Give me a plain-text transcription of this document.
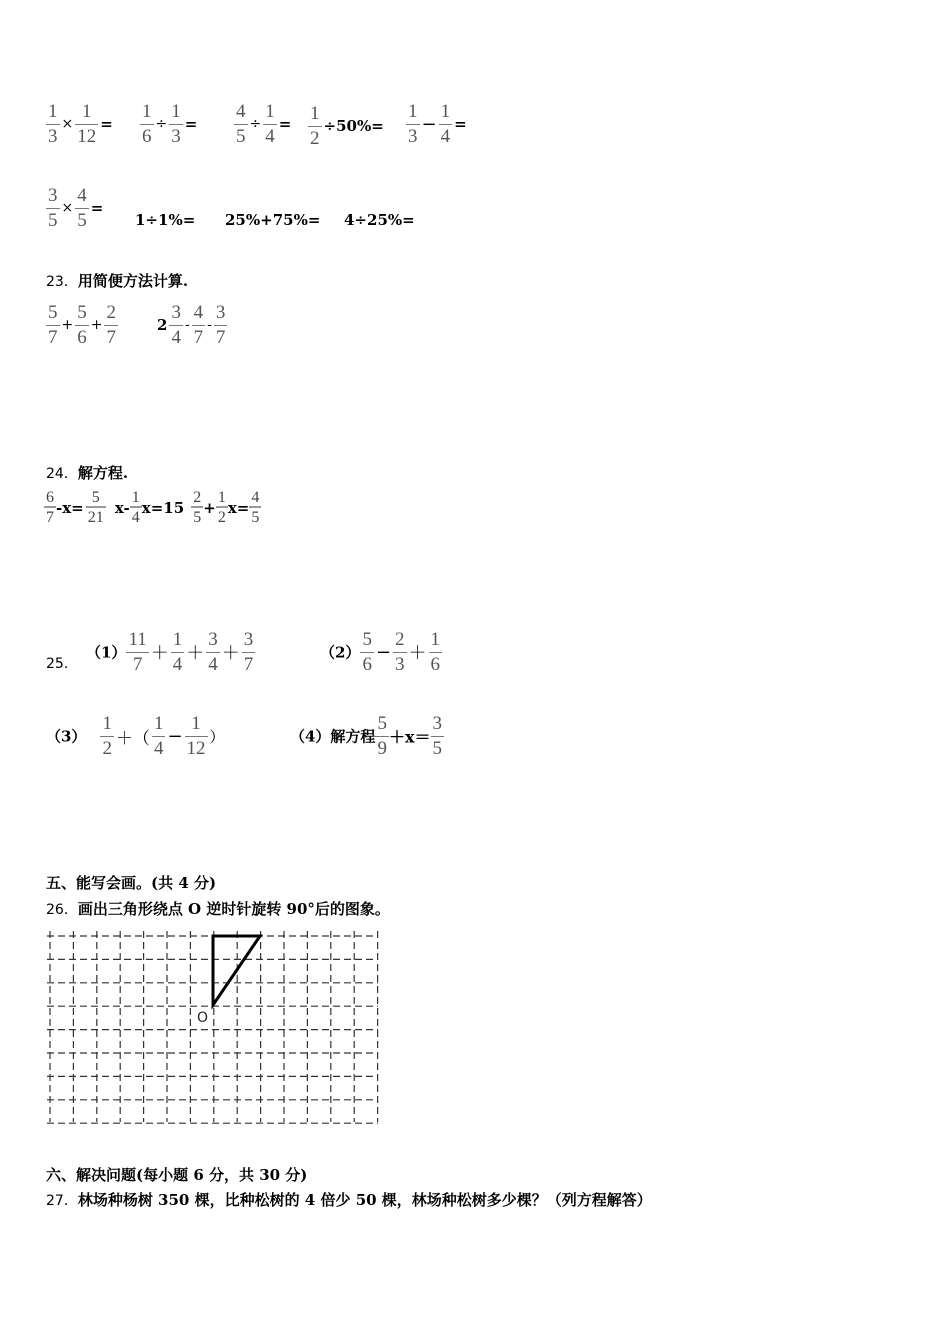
$\frac{1}{3} \times \frac{1}{12} = \frac{1}{6} \div \frac{1}{3} = \frac{4}{5} \div \frac{1}{4} = \frac{1}{2} \div 50\%= \frac{1}{3} - \frac{1}{4}$ =
$\frac{3}{5} \times \frac{4}{5}$ =
1÷1%= 25%+75%= 4÷25%=
23．用简便方法计算.
$\frac{5}{7} + \frac{5}{6} + \frac{2}{7}$	$2 \frac{3}{4} - \frac{4}{7} - \frac{3}{7}$
24．解方程.
$\frac{6}{7} -x= \frac{5}{21} x- \frac{1}{4} x=15 \frac{2}{5} + \frac{1}{2} x= \frac{4}{5}$
25．
$(1) \frac{11}{7} + \frac{1}{4} + \frac{3}{4} + \frac{3}{7}$	$(2) \frac{5}{6} - \frac{2}{3} + \frac{1}{6}$
$(3) \frac{1}{2}$ ＋（ $\frac{1}{4} - \frac{1}{12}$ ）	（4）解方程 $\frac{5}{9} +x= \frac{3}{5}$
五、能写会画。(共 4 分)
26．画出三角形绕点 O 逆时针旋转 90°后的图象。
O
六、解决问题(每小题 6 分，共 30 分)
27．林场种杨树 350 棵，比种松树的 4 倍少 50 棵，林场种松树多少棵？（列方程解答）
